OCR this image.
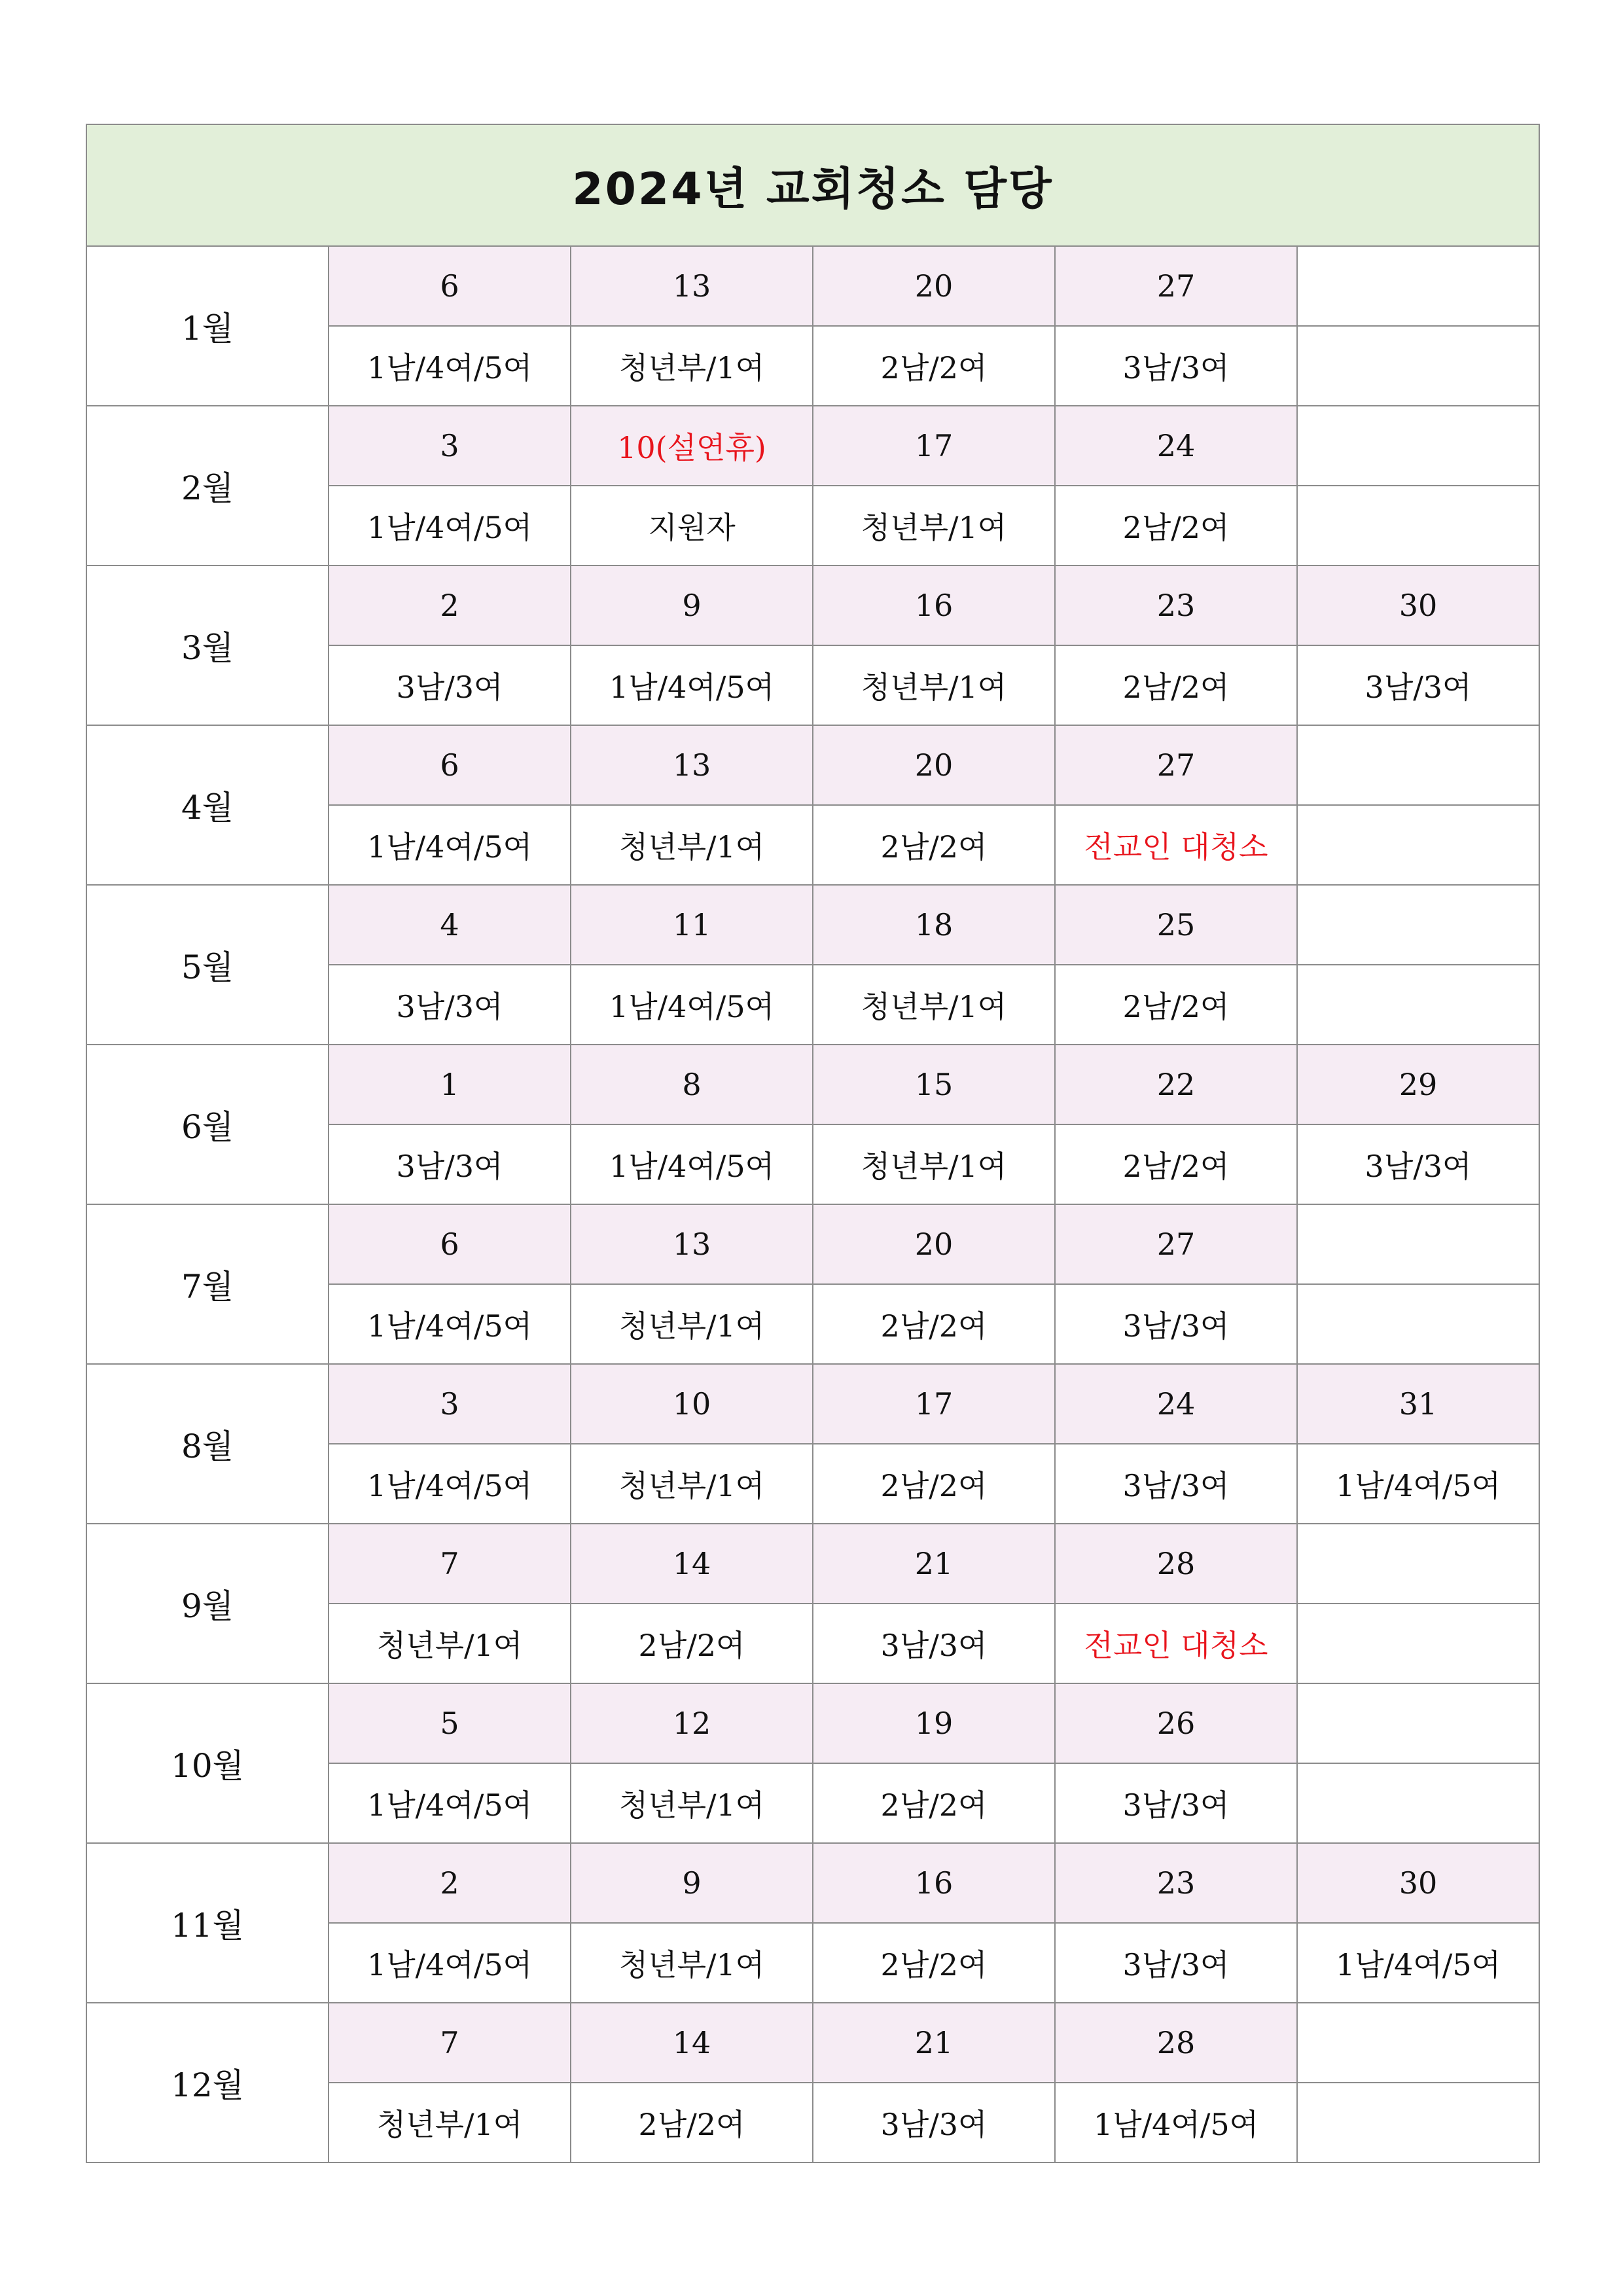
2024년 교회청소 담당					
1월	6	13	20	27	
	1남/4여/5여	청년부/1여	2남/2여	3남/3여	
2월	3	10(설연휴)	17	24	
	1남/4여/5여	지원자	청년부/1여	2남/2여	
3월	2	9	16	23	30
	3남/3여	1남/4여/5여	청년부/1여	2남/2여	3남/3여
4월	6	13	20	27	
	1남/4여/5여	청년부/1여	2남/2여	전교인 대청소	
5월	4	11	18	25	
	3남/3여	1남/4여/5여	청년부/1여	2남/2여	
6월	1	8	15	22	29
	3남/3여	1남/4여/5여	청년부/1여	2남/2여	3남/3여
7월	6	13	20	27	
	1남/4여/5여	청년부/1여	2남/2여	3남/3여	
8월	3	10	17	24	31
	1남/4여/5여	청년부/1여	2남/2여	3남/3여	1남/4여/5여
9월	7	14	21	28	
	청년부/1여	2남/2여	3남/3여	전교인 대청소	
10월	5	12	19	26	
	1남/4여/5여	청년부/1여	2남/2여	3남/3여	
11월	2	9	16	23	30
	1남/4여/5여	청년부/1여	2남/2여	3남/3여	1남/4여/5여
12월	7	14	21	28	
	청년부/1여	2남/2여	3남/3여	1남/4여/5여	
